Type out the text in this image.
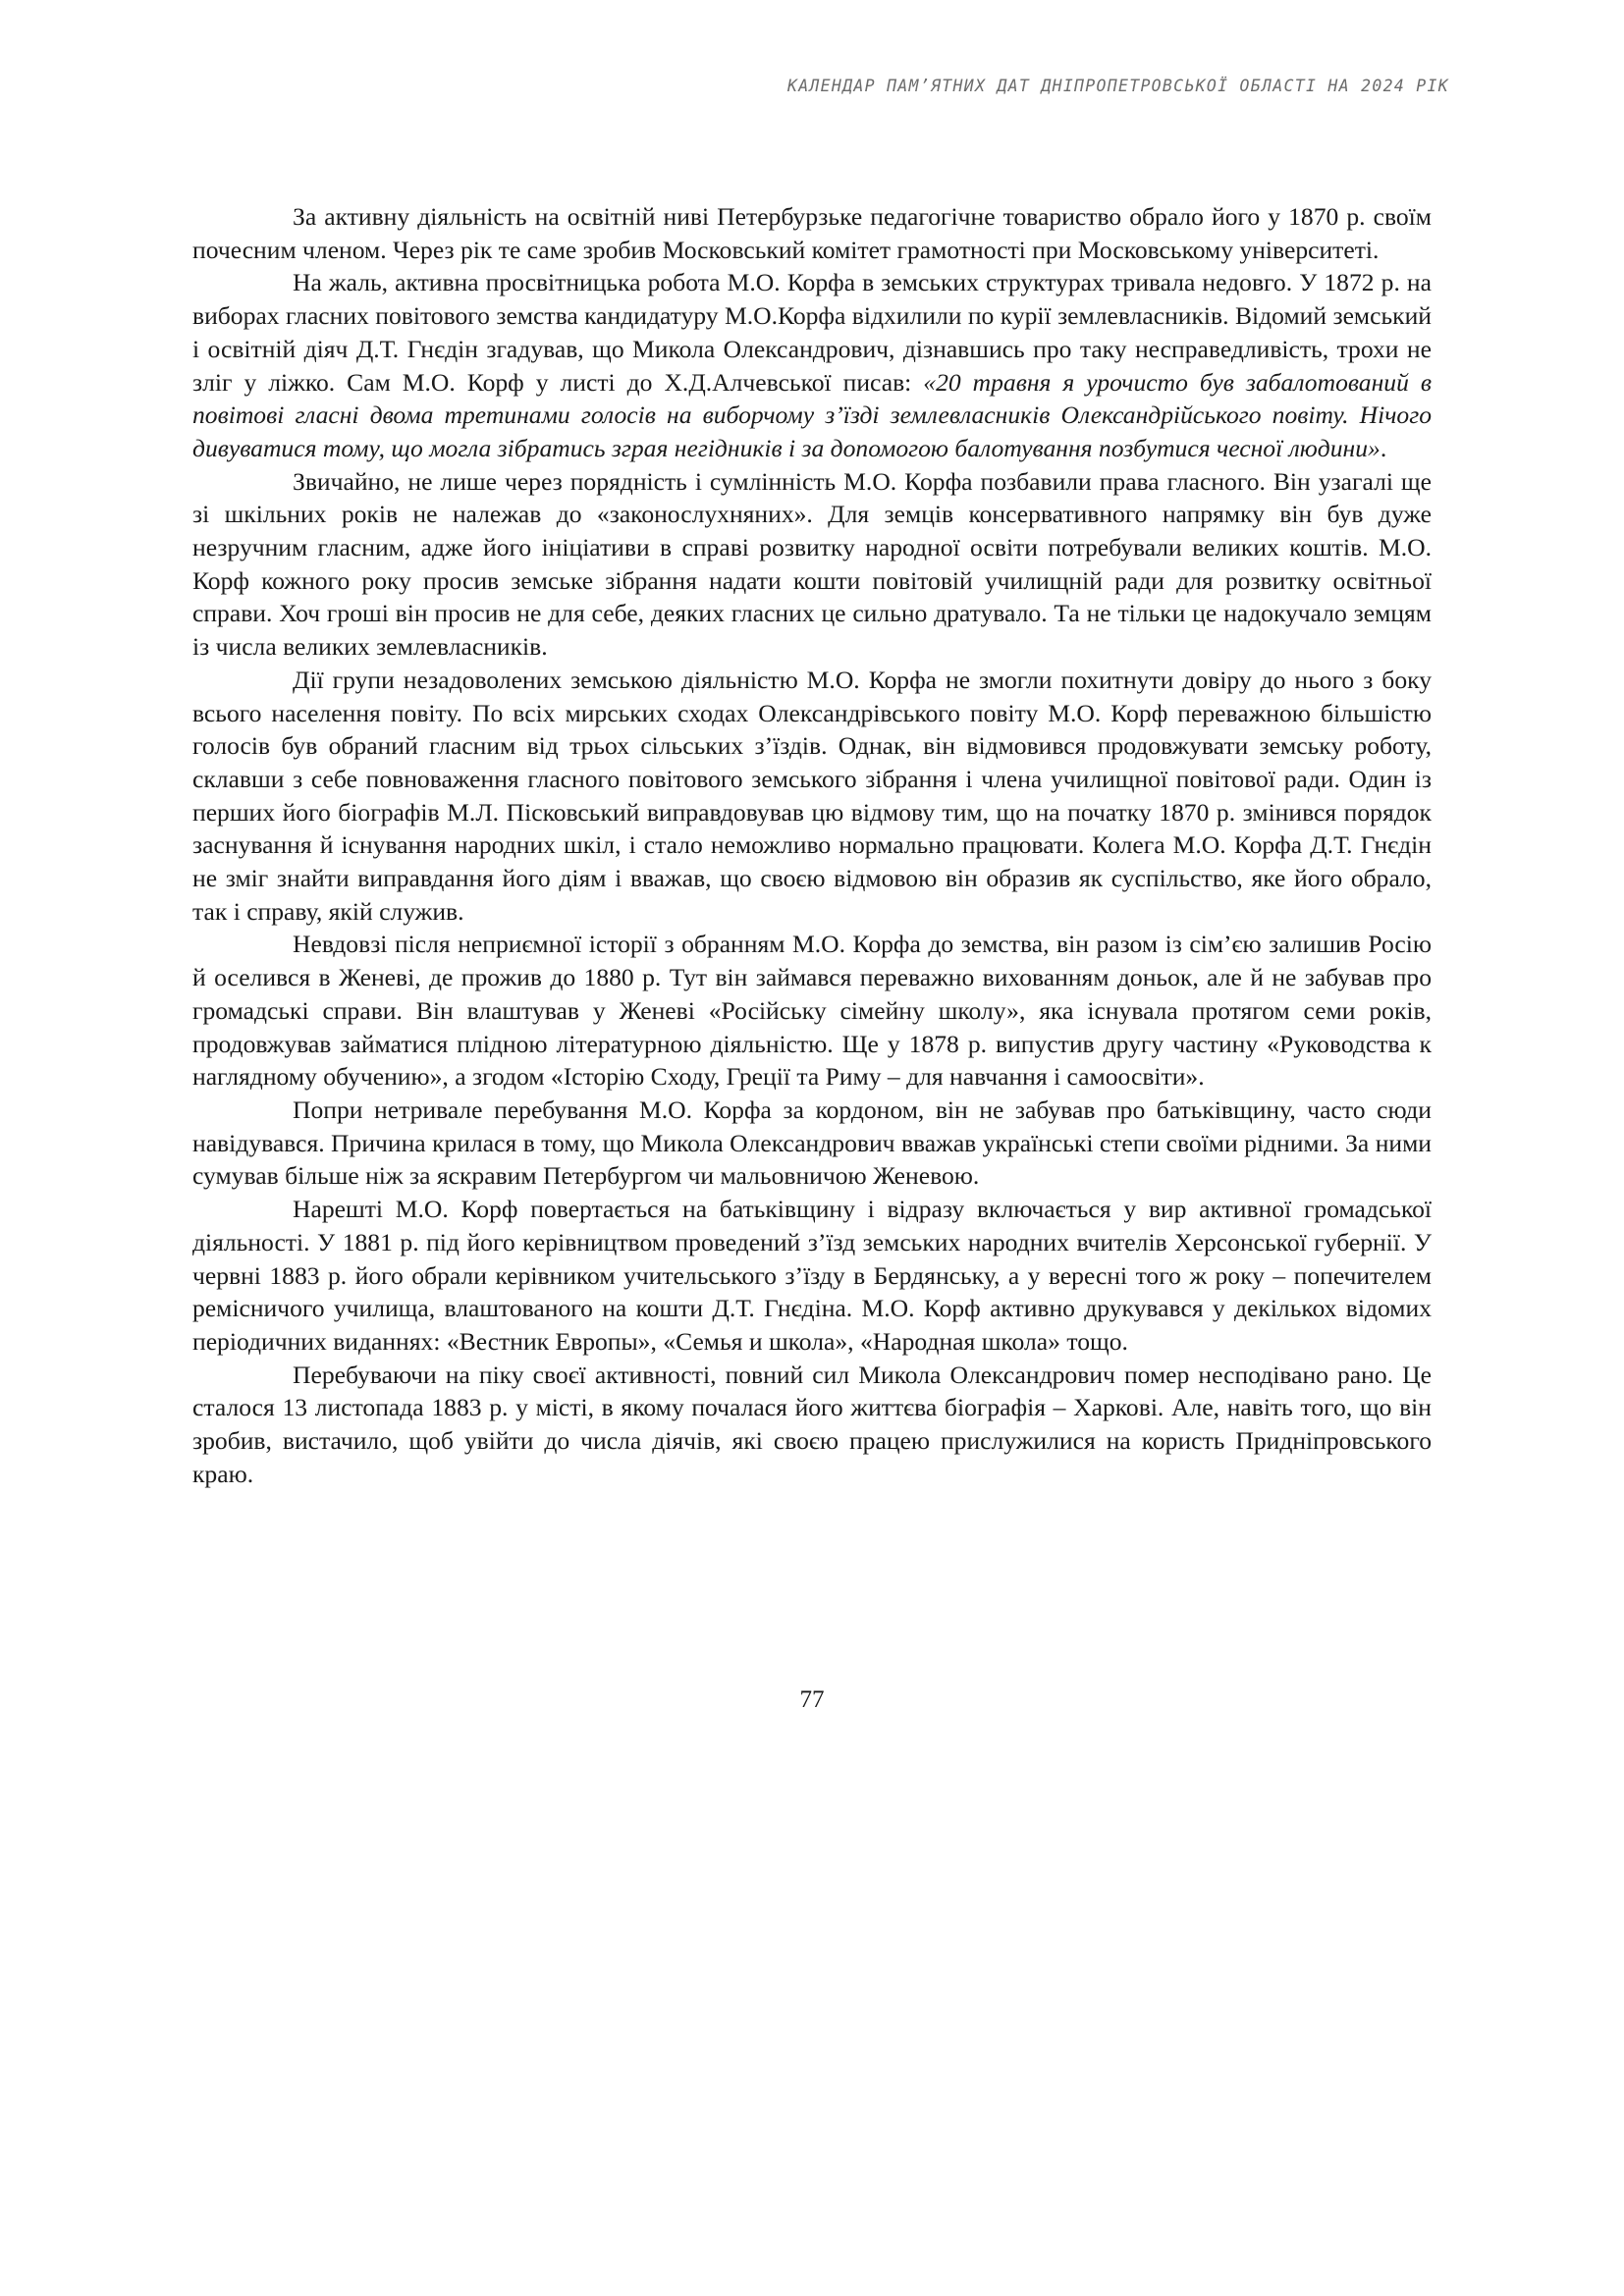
КАЛЕНДАР ПАМ’ЯТНИХ ДАТ ДНІПРОПЕТРОВСЬКОЇ ОБЛАСТІ НА 2024 РІК

За активну діяльність на освітній ниві Петербурзьке педагогічне товариство обрало його у 1870 р. своїм почесним членом. Через рік те саме зробив Московський комітет грамотності при Московському університеті.

На жаль, активна просвітницька робота М.О. Корфа в земських структурах тривала недовго. У 1872 р. на виборах гласних повітового земства кандидатуру М.О.Корфа відхилили по курії землевласників. Відомий земський і освітній діяч Д.Т. Гнєдін згадував, що Микола Олександрович, дізнавшись про таку несправедливість, трохи не зліг у ліжко. Сам М.О. Корф у листі до Х.Д.Алчевської писав: «20 травня я урочисто був забалотований в повітові гласні двома третинами голосів на виборчому з’їзді землевласників Олександрійського повіту. Нічого дивуватися тому, що могла зібратись зграя негідників і за допомогою балотування позбутися чесної людини».

Звичайно, не лише через порядність і сумлінність М.О. Корфа позбавили права гласного. Він узагалі ще зі шкільних років не належав до «законослухняних». Для земців консервативного напрямку він був дуже незручним гласним, адже його ініціативи в справі розвитку народної освіти потребували великих коштів. М.О. Корф кожного року просив земське зібрання надати кошти повітовій училищній ради для розвитку освітньої справи. Хоч гроші він просив не для себе, деяких гласних це сильно дратувало. Та не тільки це надокучало земцям із числа великих землевласників.

Дії групи незадоволених земською діяльністю М.О. Корфа не змогли похитнути довіру до нього з боку всього населення повіту. По всіх мирських сходах Олександрівського повіту М.О. Корф переважною більшістю голосів був обраний гласним від трьох сільських з’їздів. Однак, він відмовився продовжувати земську роботу, склавши з себе повноваження гласного повітового земського зібрання і члена училищної повітової ради. Один із перших його біографів М.Л. Пісковський виправдовував цю відмову тим, що на початку 1870 р. змінився порядок заснування й існування народних шкіл, і стало неможливо нормально працювати. Колега М.О. Корфа Д.Т. Гнєдін не зміг знайти виправдання його діям і вважав, що своєю відмовою він образив як суспільство, яке його обрало, так і справу, якій служив.

Невдовзі після неприємної історії з обранням М.О. Корфа до земства, він разом із сім’єю залишив Росію й оселився в Женеві, де прожив до 1880 р. Тут він займався переважно вихованням доньок, але й не забував про громадські справи. Він влаштував у Женеві «Російську сімейну школу», яка існувала протягом семи років, продовжував займатися плідною літературною діяльністю. Ще у 1878 р. випустив другу частину «Руководства к наглядному обучению», а згодом «Історію Сходу, Греції та Риму – для навчання і самоосвіти».

Попри нетривале перебування М.О. Корфа за кордоном, він не забував про батьківщину, часто сюди навідувався. Причина крилася в тому, що Микола Олександрович вважав українські степи своїми рідними. За ними сумував більше ніж за яскравим Петербургом чи мальовничою Женевою.

Нарешті М.О. Корф повертається на батьківщину і відразу включається у вир активної громадської діяльності. У 1881 р. під його керівництвом проведений з’їзд земських народних вчителів Херсонської губернії. У червні 1883 р. його обрали керівником учительського з’їзду в Бердянську, а у вересні того ж року – попечителем ремісничого училища, влаштованого на кошти Д.Т. Гнєдіна. М.О. Корф активно друкувався у декількох відомих періодичних виданнях: «Вестник Европы», «Семья и школа», «Народная школа» тощо.

Перебуваючи на піку своєї активності, повний сил Микола Олександрович помер несподівано рано. Це сталося 13 листопада 1883 р. у місті, в якому почалася його життєва біографія – Харкові. Але, навіть того, що він зробив, вистачило, щоб увійти до числа діячів, які своєю працею прислужилися на користь Придніпровського краю.

77
